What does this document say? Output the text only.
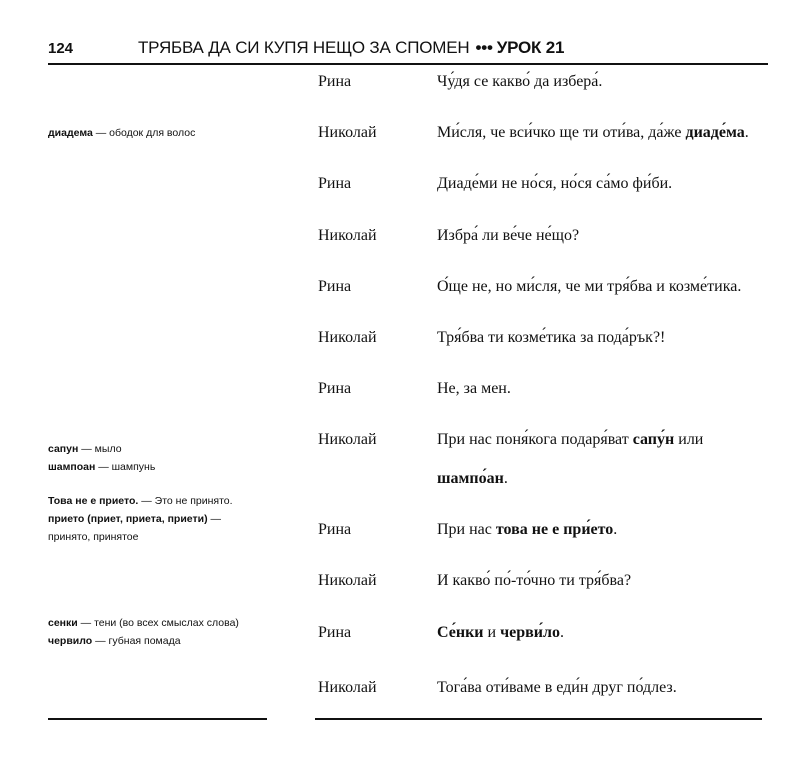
124	ТРЯБВА ДА СИ КУПЯ НЕЩО ЗА СПОМЕН ••• УРОК 21
диадема — ободок для волос
сапун — мыло
шампоан — шампунь
Това не е прието. — Это не принято.
прието (приет, приета, приети) —
принято, принятое
сенки — тени (во всех смыслах слова)
червило — губная помада
Рина	Чу́дя се какво́ да избера́.
Николай	Ми́сля, че вси́чко ще ти оти́ва, да́же диаде́ма.
Рина	Диаде́ми не но́ся, но́ся са́мо фи́би.
Николай	Избра́ ли ве́че не́що?
Рина	О́ще не, но ми́сля, че ми тря́бва и козме́тика.
Николай	Тря́бва ти козме́тика за пода́рък?!
Рина	Не, за мен.
Николай	При нас поня́кога подаря́ват сапу́н или
шампо́ан.
Рина	При нас това не е при́ето.
Николай	И какво́ по́-то́чно ти тря́бва?
Рина	Се́нки и черви́ло.
Николай	Тога́ва оти́ваме в еди́н друг по́длез.
